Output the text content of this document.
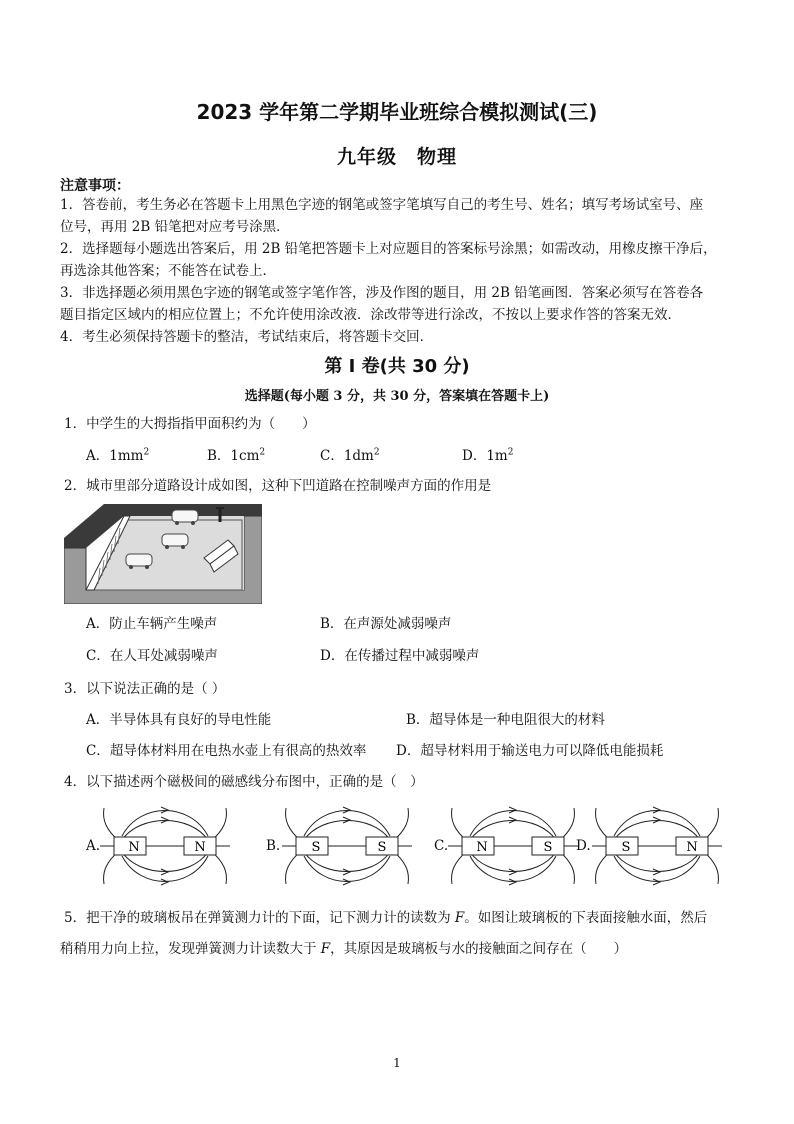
2023 学年第二学期毕业班综合模拟测试(三)
九年级　物理
注意事项：
1．答卷前，考生务必在答题卡上用黑色字迹的钢笔或签字笔填写自己的考生号、姓名；填写考场试室号、座
位号，再用 2B 铅笔把对应考号涂黑．
2．选择题每小题选出答案后，用 2B 铅笔把答题卡上对应题目的答案标号涂黑；如需改动，用橡皮擦干净后，
再选涂其他答案；不能答在试卷上．
3．非选择题必须用黑色字迹的钢笔或签字笔作答，涉及作图的题目，用 2B 铅笔画图．答案必须写在答卷各
题目指定区域内的相应位置上；不允许使用涂改液．涂改带等进行涂改，不按以上要求作答的答案无效．
4．考生必须保持答题卡的整洁，考试结束后，将答题卡交回．
第 I 卷(共 30 分)
选择题(每小题 3 分，共 30 分，答案填在答题卡上)
1．中学生的大拇指指甲面积约为（　　）
A．$1mm^2$	B．$1cm^2$	C．$1dm^2$	D．$1m^2$
2．城市里部分道路设计成如图，这种下凹道路在控制噪声方面的作用是
A．防止车辆产生噪声	B．在声源处减弱噪声
C．在人耳处减弱噪声	D．在传播过程中减弱噪声
3．以下说法正确的是（ ）
A．半导体具有良好的导电性能	B．超导体是一种电阻很大的材料
C．超导体材料用在电热水壶上有很高的热效率 D．超导材料用于输送电力可以降低电能损耗
4．以下描述两个磁极间的磁感线分布图中，正确的是（　）
A. N	N	B. S	S	C. N	S D. S	N
5．把干净的玻璃板吊在弹簧测力计的下面，记下测力计的读数为 F。如图让玻璃板的下表面接触水面，然后
稍稍用力向上拉，发现弹簧测力计读数大于 F，其原因是玻璃板与水的接触面之间存在（　　）
1
